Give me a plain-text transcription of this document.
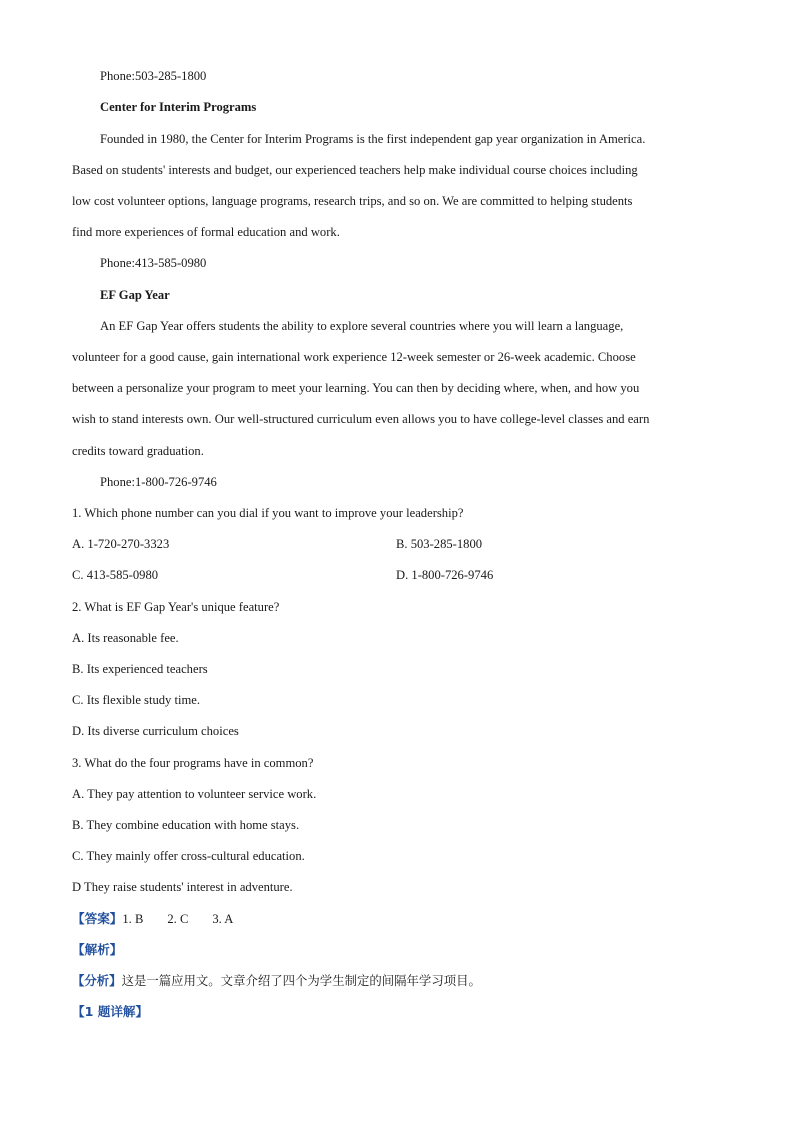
Phone:503-285-1800
Center for Interim Programs
Founded in 1980, the Center for Interim Programs is the first independent gap year organization in America.
Based on students' interests and budget, our experienced teachers help make individual course choices including
low cost volunteer options, language programs, research trips, and so on. We are committed to helping students
find more experiences of formal education and work.
Phone:413-585-0980
EF Gap Year
An EF Gap Year offers students the ability to explore several countries where you will learn a language,
volunteer for a good cause, gain international work experience 12-week semester or 26-week academic. Choose
between a personalize your program to meet your learning. You can then by deciding where, when, and how you
wish to stand interests own. Our well-structured curriculum even allows you to have college-level classes and earn
credits toward graduation.
Phone:1-800-726-9746
1. Which phone number can you dial if you want to improve your leadership?
A. 1-720-270-3323	B. 503-285-1800
C. 413-585-0980	D. 1-800-726-9746
2. What is EF Gap Year's unique feature?
A. Its reasonable fee.
B. Its experienced teachers
C. Its flexible study time.
D. Its diverse curriculum choices
3. What do the four programs have in common?
A. They pay attention to volunteer service work.
B. They combine education with home stays.
C. They mainly offer cross-cultural education.
D They raise students' interest in adventure.
【答案】1. B 2. C 3. A
【解析】
【分析】这是一篇应用文。文章介绍了四个为学生制定的间隔年学习项目。
【1 题详解】
